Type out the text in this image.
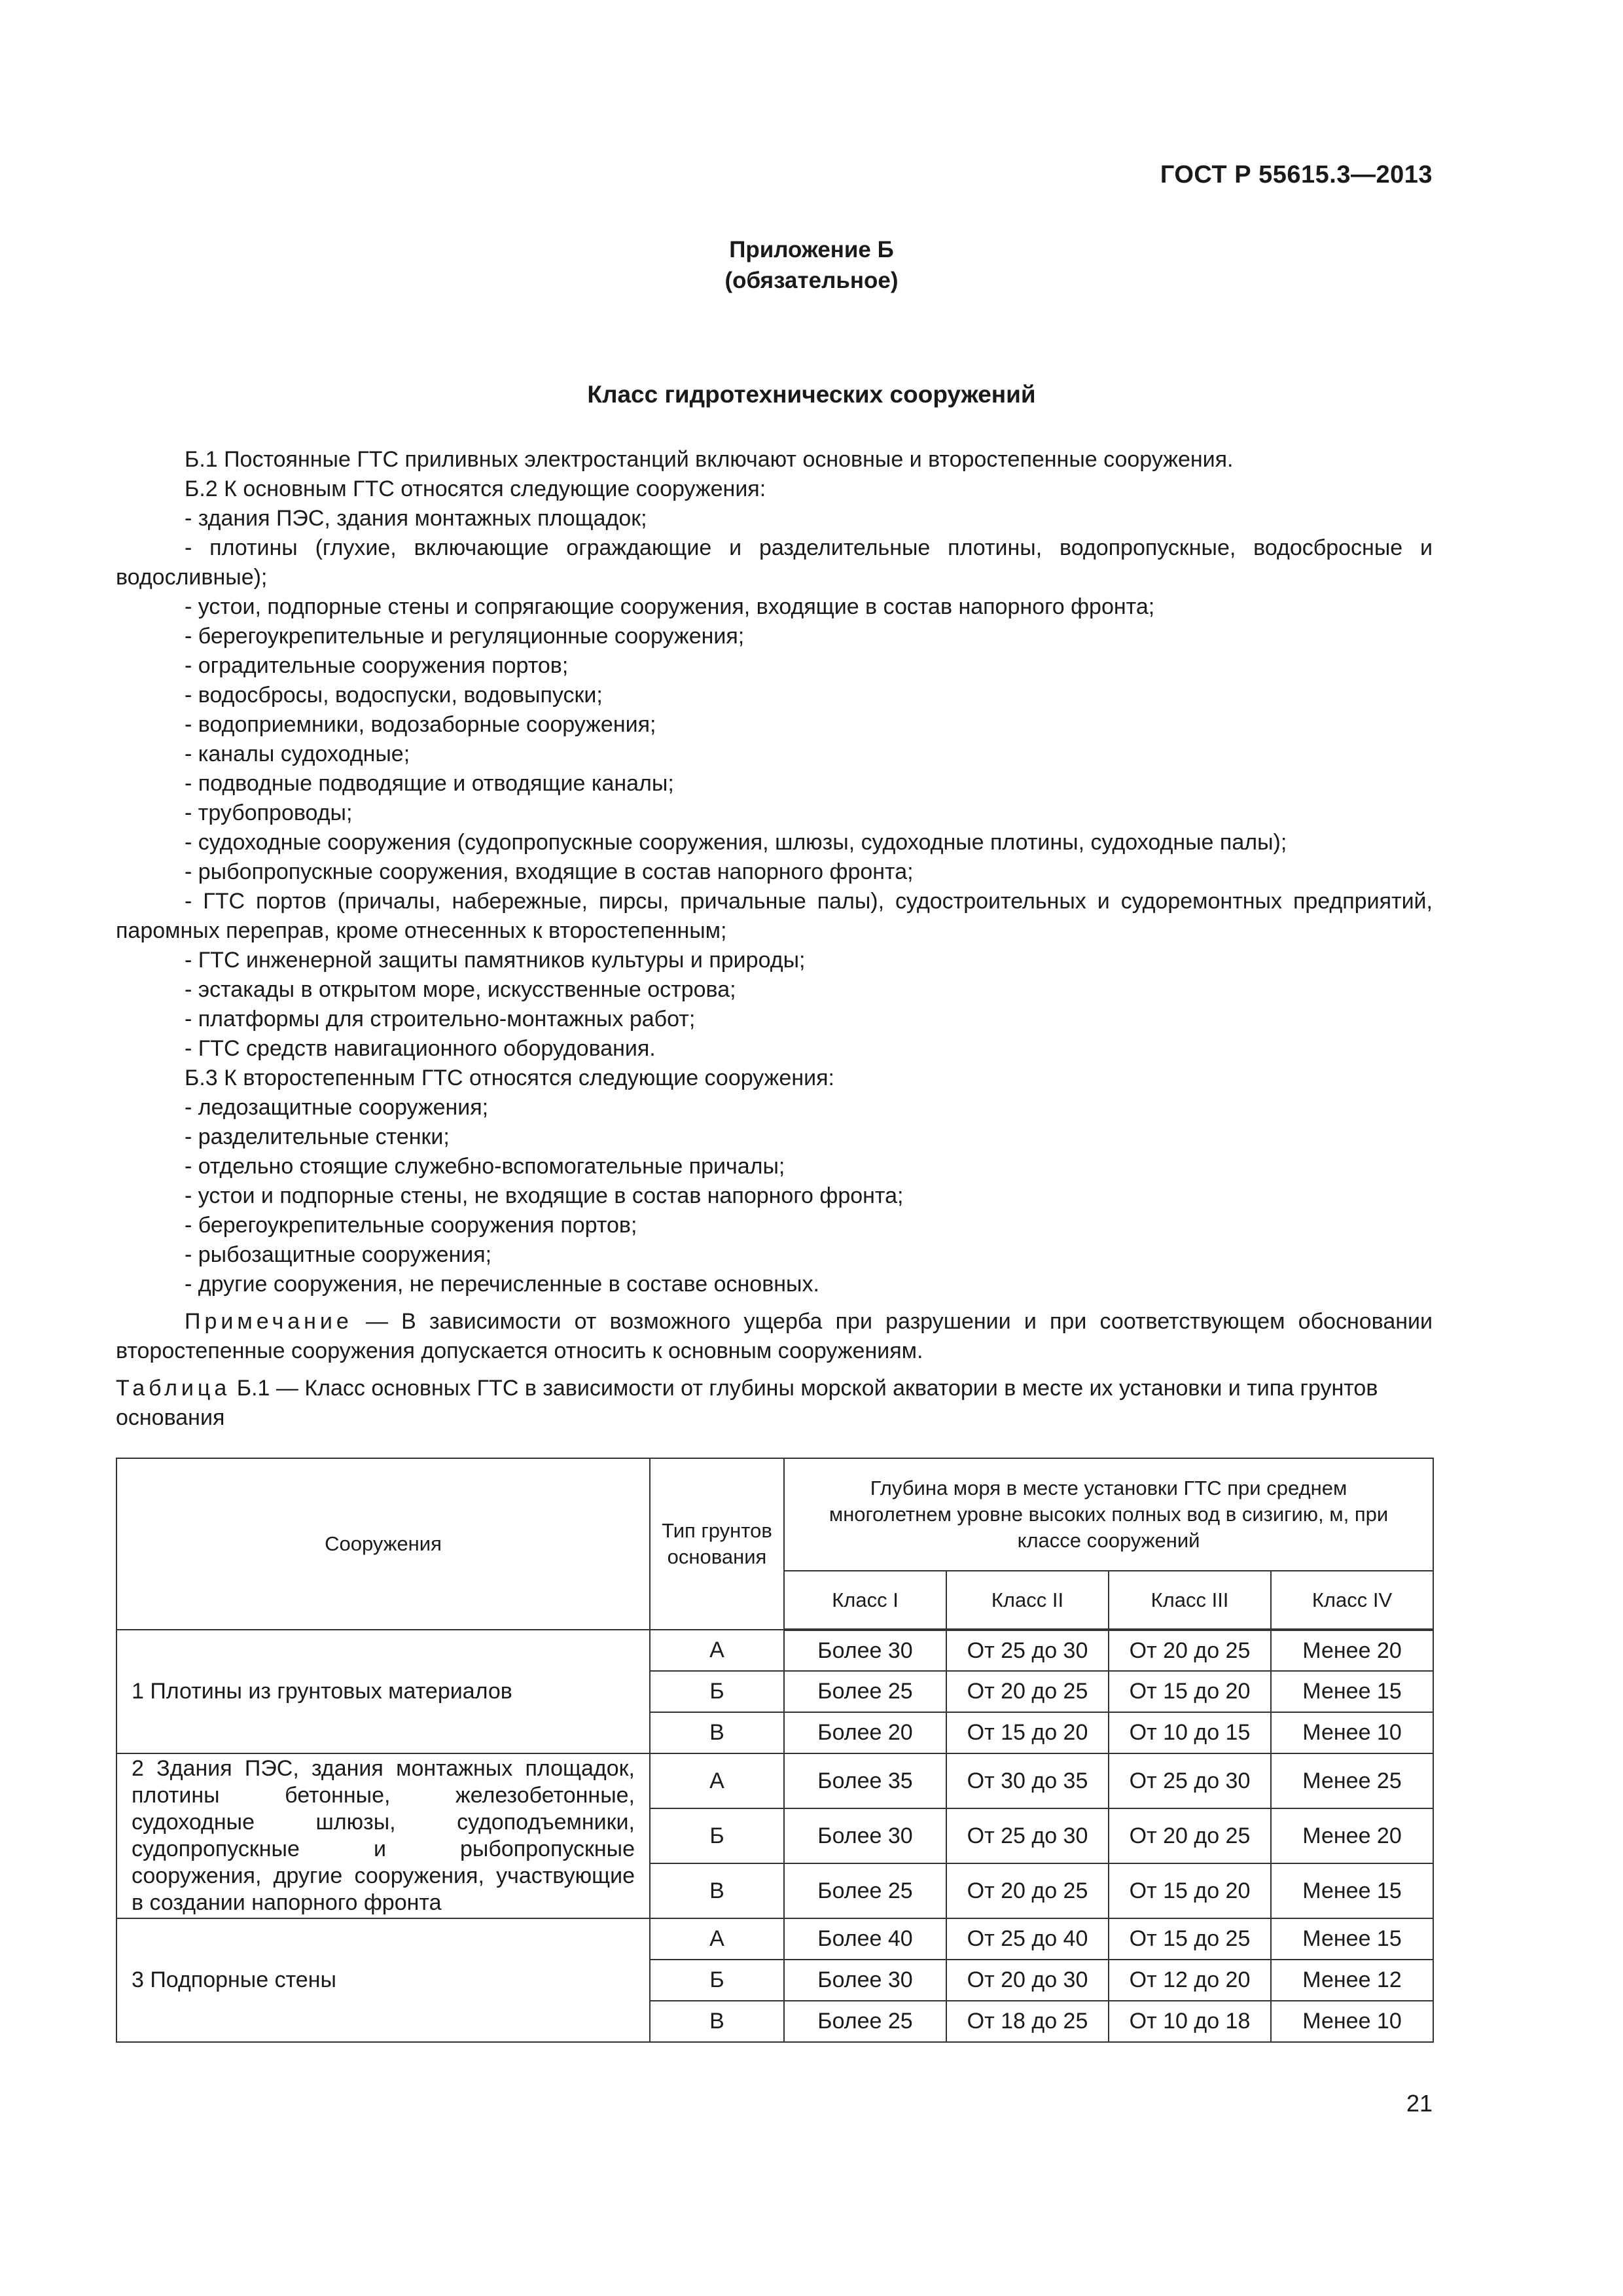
ГОСТ Р 55615.3—2013
Приложение Б
(обязательное)
Класс гидротехнических сооружений

Б.1 Постоянные ГТС приливных электростанций включают основные и второстепенные сооружения.

Б.2 К основным ГТС относятся следующие сооружения:

- здания ПЭС, здания монтажных площадок;

- плотины (глухие, включающие ограждающие и разделительные плотины, водопропускные, водосбросные и водосливные);

- устои, подпорные стены и сопрягающие сооружения, входящие в состав напорного фронта;

- берегоукрепительные и регуляционные сооружения;

- оградительные сооружения портов;

- водосбросы, водоспуски, водовыпуски;

- водоприемники, водозаборные сооружения;

- каналы судоходные;

- подводные подводящие и отводящие каналы;

- трубопроводы;

- судоходные сооружения (судопропускные сооружения, шлюзы, судоходные плотины, судоходные палы);

- рыбопропускные сооружения, входящие в состав напорного фронта;

- ГТС портов (причалы, набережные, пирсы, причальные палы), судостроительных и судоремонтных предприятий, паромных переправ, кроме отнесенных к второстепенным;

- ГТС инженерной защиты памятников культуры и природы;

- эстакады в открытом море, искусственные острова;

- платформы для строительно-монтажных работ;

- ГТС средств навигационного оборудования.

Б.3 К второстепенным ГТС относятся следующие сооружения:

- ледозащитные сооружения;

- разделительные стенки;

- отдельно стоящие служебно-вспомогательные причалы;

- устои и подпорные стены, не входящие в состав напорного фронта;

- берегоукрепительные сооружения портов;

- рыбозащитные сооружения;

- другие сооружения, не перечисленные в составе основных.

Примечание — В зависимости от возможного ущерба при разрушении и при соответствующем обосновании второстепенные сооружения допускается относить к основным сооружениям.

Таблица Б.1 — Класс основных ГТС в зависимости от глубины морской акватории в месте их установки и типа грунтов основания

Сооружения	Тип грунтов основания	Глубина моря в месте установки ГТС при среднем многолетнем уровне высоких полных вод в сизигию, м, при классе сооружений			
		Класс I	Класс II	Класс III	Класс IV
1 Плотины из грунтовых материалов	А	Более 30	От 25 до 30	От 20 до 25	Менее 20
	Б	Более 25	От 20 до 25	От 15 до 20	Менее 15
	В	Более 20	От 15 до 20	От 10 до 15	Менее 10
2 Здания ПЭС, здания монтажных площадок, плотины бетонные, железобетонные, судоходные шлюзы, судоподъемники, судопропускные и рыбопропускные сооружения, другие сооружения, участвующие в создании напорного фронта	А	Более 35	От 30 до 35	От 25 до 30	Менее 25
	Б	Более 30	От 25 до 30	От 20 до 25	Менее 20
	В	Более 25	От 20 до 25	От 15 до 20	Менее 15
3 Подпорные стены	А	Более 40	От 25 до 40	От 15 до 25	Менее 15
	Б	Более 30	От 20 до 30	От 12 до 20	Менее 12
	В	Более 25	От 18 до 25	От 10 до 18	Менее 10
21
